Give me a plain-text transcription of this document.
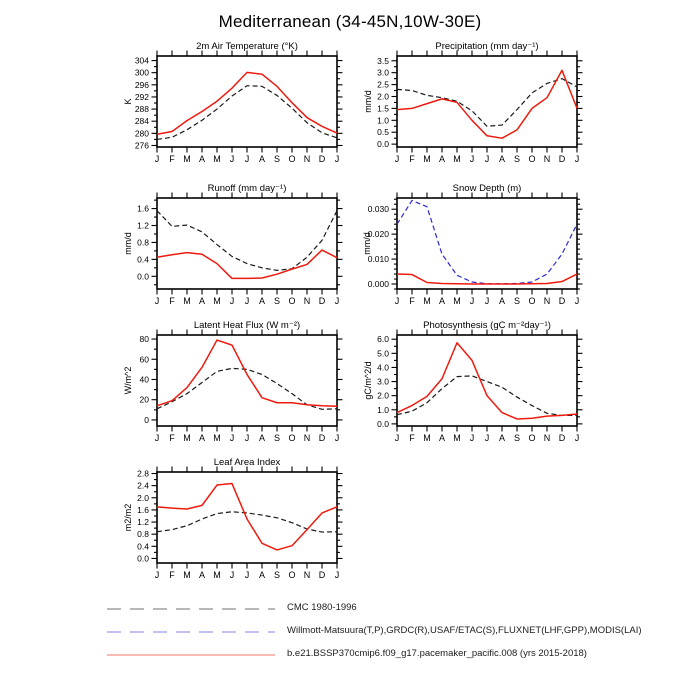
Mediterranean (34-45N,10W-30E)
2m Air Temperature (°K)
K
276
280
284
288
292
296
300
304
J F M A M J J A S O N D J
Precipitation (mm day⁻¹)
mm/d
0.0
0.5
1.0
1.5
2.0
2.5
3.0
3.5
J F M A M J J A S O N D J
Runoff (mm day⁻¹)
mm/d
0.0
0.4
0.8
1.2
1.6
J F M A M J J A S O N D J
Snow Depth (m)
mm/d
0.000
0.010
0.020
0.030
J F M A M J J A S O N D J
Latent Heat Flux (W m⁻²)
W/m^2
0
20
40
60
80
J F M A M J J A S O N D J
Photosynthesis (gC m⁻²day⁻¹)
gC/m^2/d
0.0
1.0
2.0
3.0
4.0
5.0
6.0
J F M A M J J A S O N D J
Leaf Area Index
m2/m2
0.0
0.4
0.8
1.2
1.6
2.0
2.4
2.8
J F M A M J J A S O N D J
CMC 1980-1996
Willmott-Matsuura(T,P),GRDC(R),USAF/ETAC(S),FLUXNET(LHF,GPP),MODIS(LAI)
b.e21.BSSP370cmip6.f09_g17.pacemaker_pacific.008 (yrs 2015-2018)
